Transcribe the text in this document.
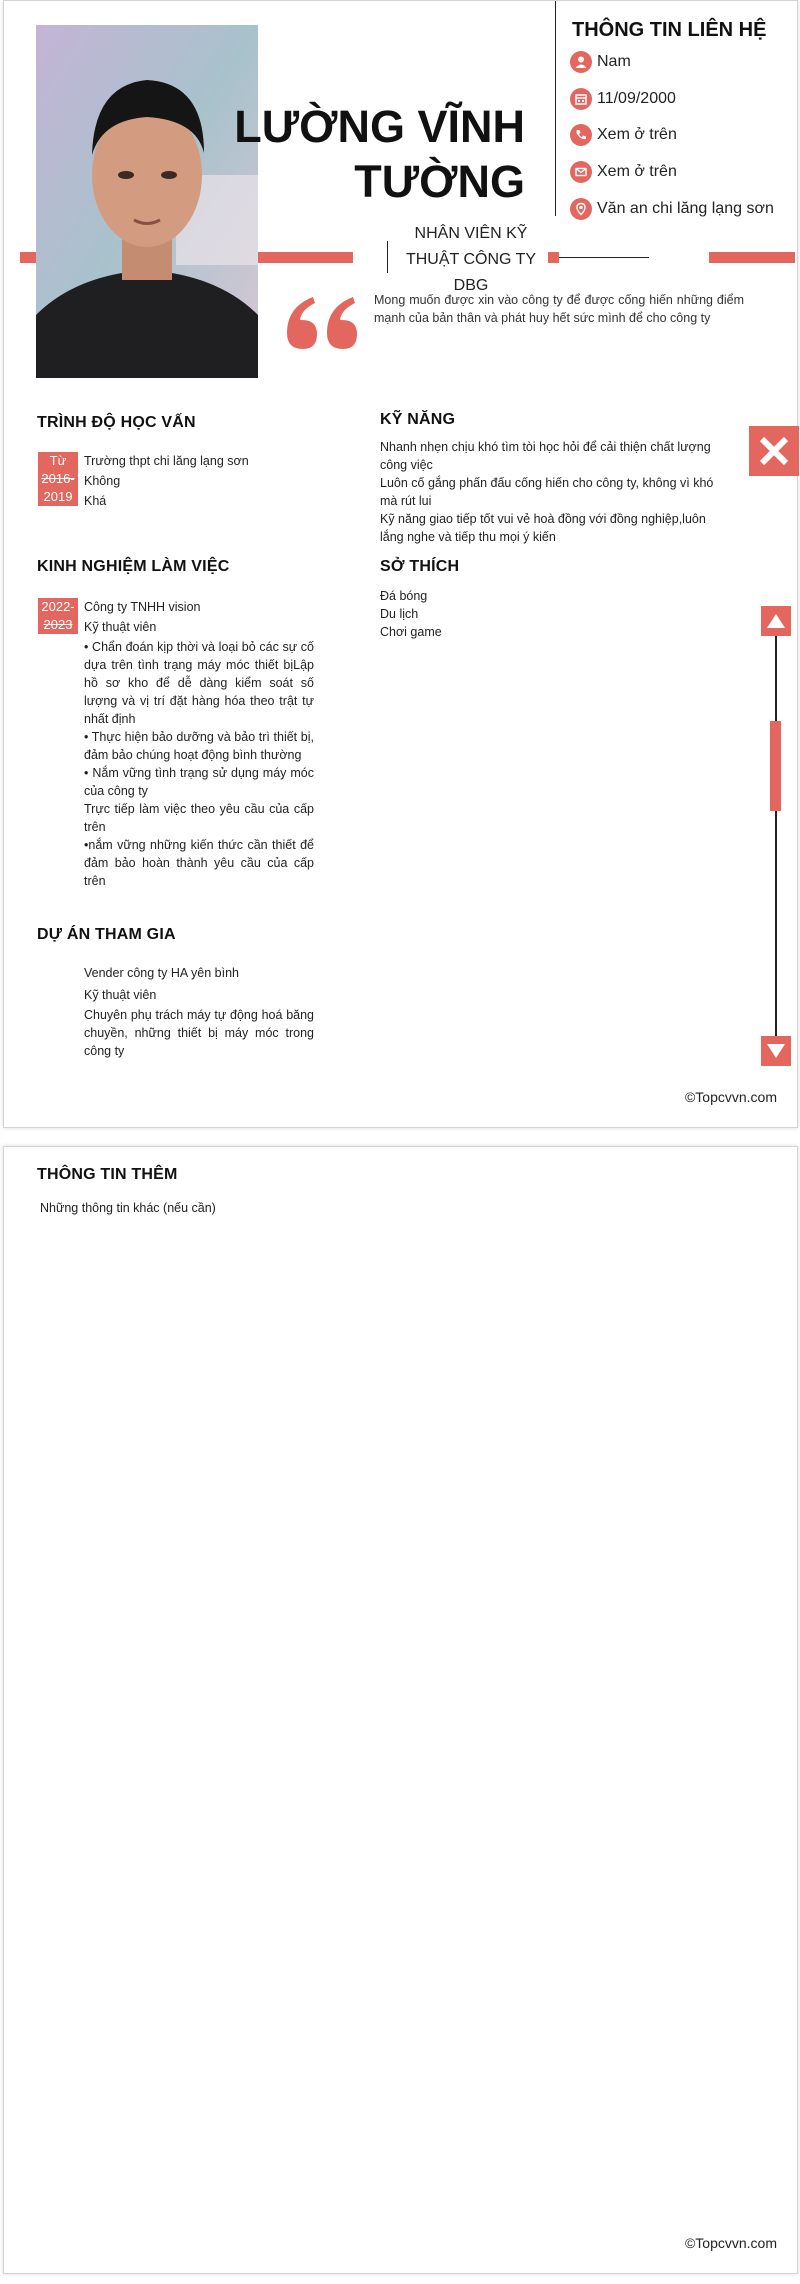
LƯỜNG VĨNH
TƯỜNG
NHÂN VIÊN KỸ THUẬT CÔNG TY DBG
THÔNG TIN LIÊN HỆ
Nam
11/09/2000
Xem ở trên
Xem ở trên
Văn an chi lăng lạng sơn
Mong muốn được xin vào công ty để được cống hiến những điểm mạnh của bản thân và phát huy hết sức mình để cho công ty
TRÌNH ĐỘ HỌC VẤN
Từ
2016-
2019
Trường thpt chi lăng lạng sơn
Không
Khá
KỸ NĂNG
Nhanh nhẹn chịu khó tìm tòi học hỏi để cải thiện chất lượng công việc
Luôn cố gắng phấn đấu cống hiến cho công ty, không vì khó mà rút lui
Kỹ năng giao tiếp tốt vui vẻ hoà đồng với đồng nghiệp,luôn lắng nghe và tiếp thu mọi ý kiến
KINH NGHIỆM LÀM VIỆC
2022-
2023
Công ty TNHH vision
Kỹ thuật viên
• Chẩn đoán kịp thời và loại bỏ các sự cố dựa trên tình trạng máy móc thiết bịLập hồ sơ kho để dễ dàng kiểm soát số lượng và vị trí đặt hàng hóa theo trật tự nhất định
• Thực hiện bảo dưỡng và bảo trì thiết bị, đảm bảo chúng hoạt động bình thường
• Nắm vững tình trạng sử dụng máy móc của công ty
Trực tiếp làm việc theo yêu cầu của cấp trên
•nắm vững những kiến thức cần thiết để đảm bảo hoàn thành yêu cầu của cấp trên
SỞ THÍCH
Đá bóng
Du lịch
Chơi game
DỰ ÁN THAM GIA
Vender công ty HA yên bình
Kỹ thuật viên
Chuyên phụ trách máy tự động hoá băng chuyền, những thiết bị máy móc trong công ty
©Topcvvn.com
THÔNG TIN THÊM
Những thông tin khác (nếu cần)
©Topcvvn.com
